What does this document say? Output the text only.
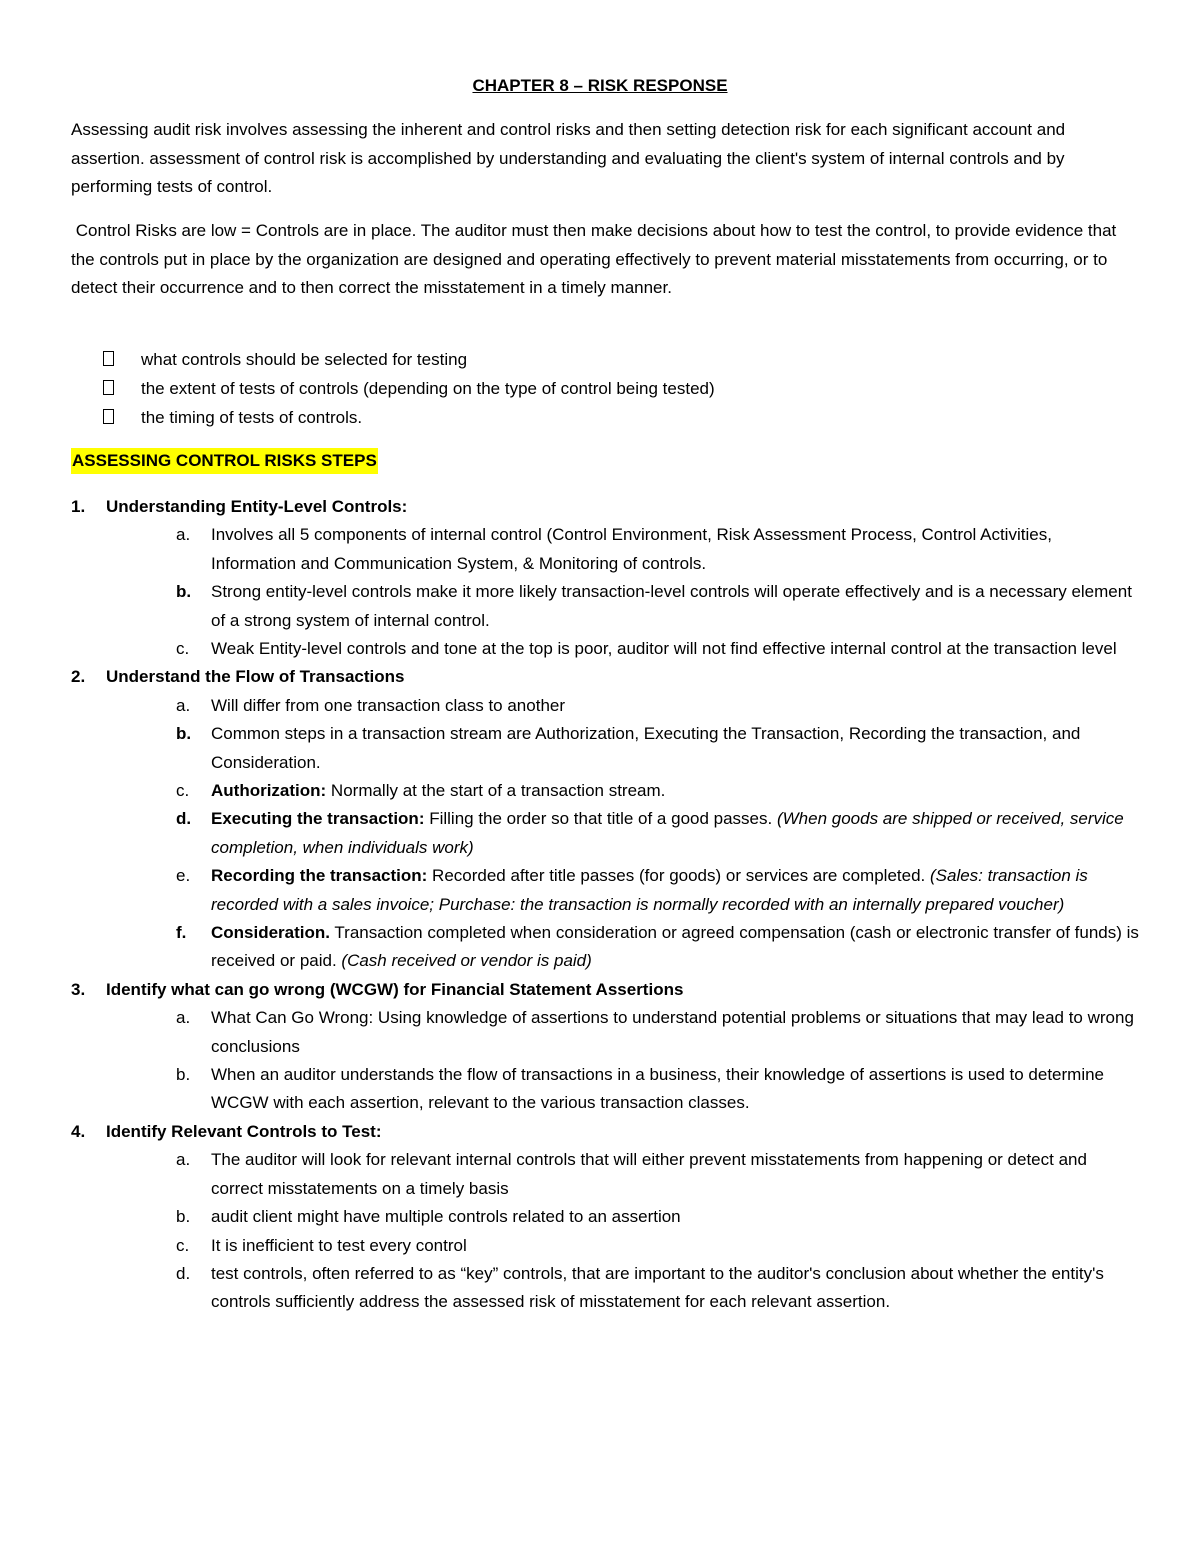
CHAPTER 8 – RISK RESPONSE
Assessing audit risk involves assessing the inherent and control risks and then setting detection risk for each significant account and assertion. assessment of control risk is accomplished by understanding and evaluating the client's system of internal controls and by performing tests of control.
Control Risks are low = Controls are in place. The auditor must then make decisions about how to test the control, to provide evidence that the controls put in place by the organization are designed and operating effectively to prevent material misstatements from occurring, or to detect their occurrence and to then correct the misstatement in a timely manner.
what controls should be selected for testing
the extent of tests of controls (depending on the type of control being tested)
the timing of tests of controls.
ASSESSING CONTROL RISKS STEPS
1. Understanding Entity-Level Controls:
a. Involves all 5 components of internal control (Control Environment, Risk Assessment Process, Control Activities, Information and Communication System, & Monitoring of controls.
b. Strong entity-level controls make it more likely transaction-level controls will operate effectively and is a necessary element of a strong system of internal control.
c. Weak Entity-level controls and tone at the top is poor, auditor will not find effective internal control at the transaction level
2. Understand the Flow of Transactions
a. Will differ from one transaction class to another
b. Common steps in a transaction stream are Authorization, Executing the Transaction, Recording the transaction, and Consideration.
c. Authorization: Normally at the start of a transaction stream.
d. Executing the transaction: Filling the order so that title of a good passes. (When goods are shipped or received, service completion, when individuals work)
e. Recording the transaction: Recorded after title passes (for goods) or services are completed. (Sales: transaction is recorded with a sales invoice; Purchase: the transaction is normally recorded with an internally prepared voucher)
f. Consideration. Transaction completed when consideration or agreed compensation (cash or electronic transfer of funds) is received or paid. (Cash received or vendor is paid)
3. Identify what can go wrong (WCGW) for Financial Statement Assertions
a. What Can Go Wrong: Using knowledge of assertions to understand potential problems or situations that may lead to wrong conclusions
b. When an auditor understands the flow of transactions in a business, their knowledge of assertions is used to determine WCGW with each assertion, relevant to the various transaction classes.
4. Identify Relevant Controls to Test:
a. The auditor will look for relevant internal controls that will either prevent misstatements from happening or detect and correct misstatements on a timely basis
b. audit client might have multiple controls related to an assertion
c. It is inefficient to test every control
d. test controls, often referred to as “key” controls, that are important to the auditor's conclusion about whether the entity's controls sufficiently address the assessed risk of misstatement for each relevant assertion.
